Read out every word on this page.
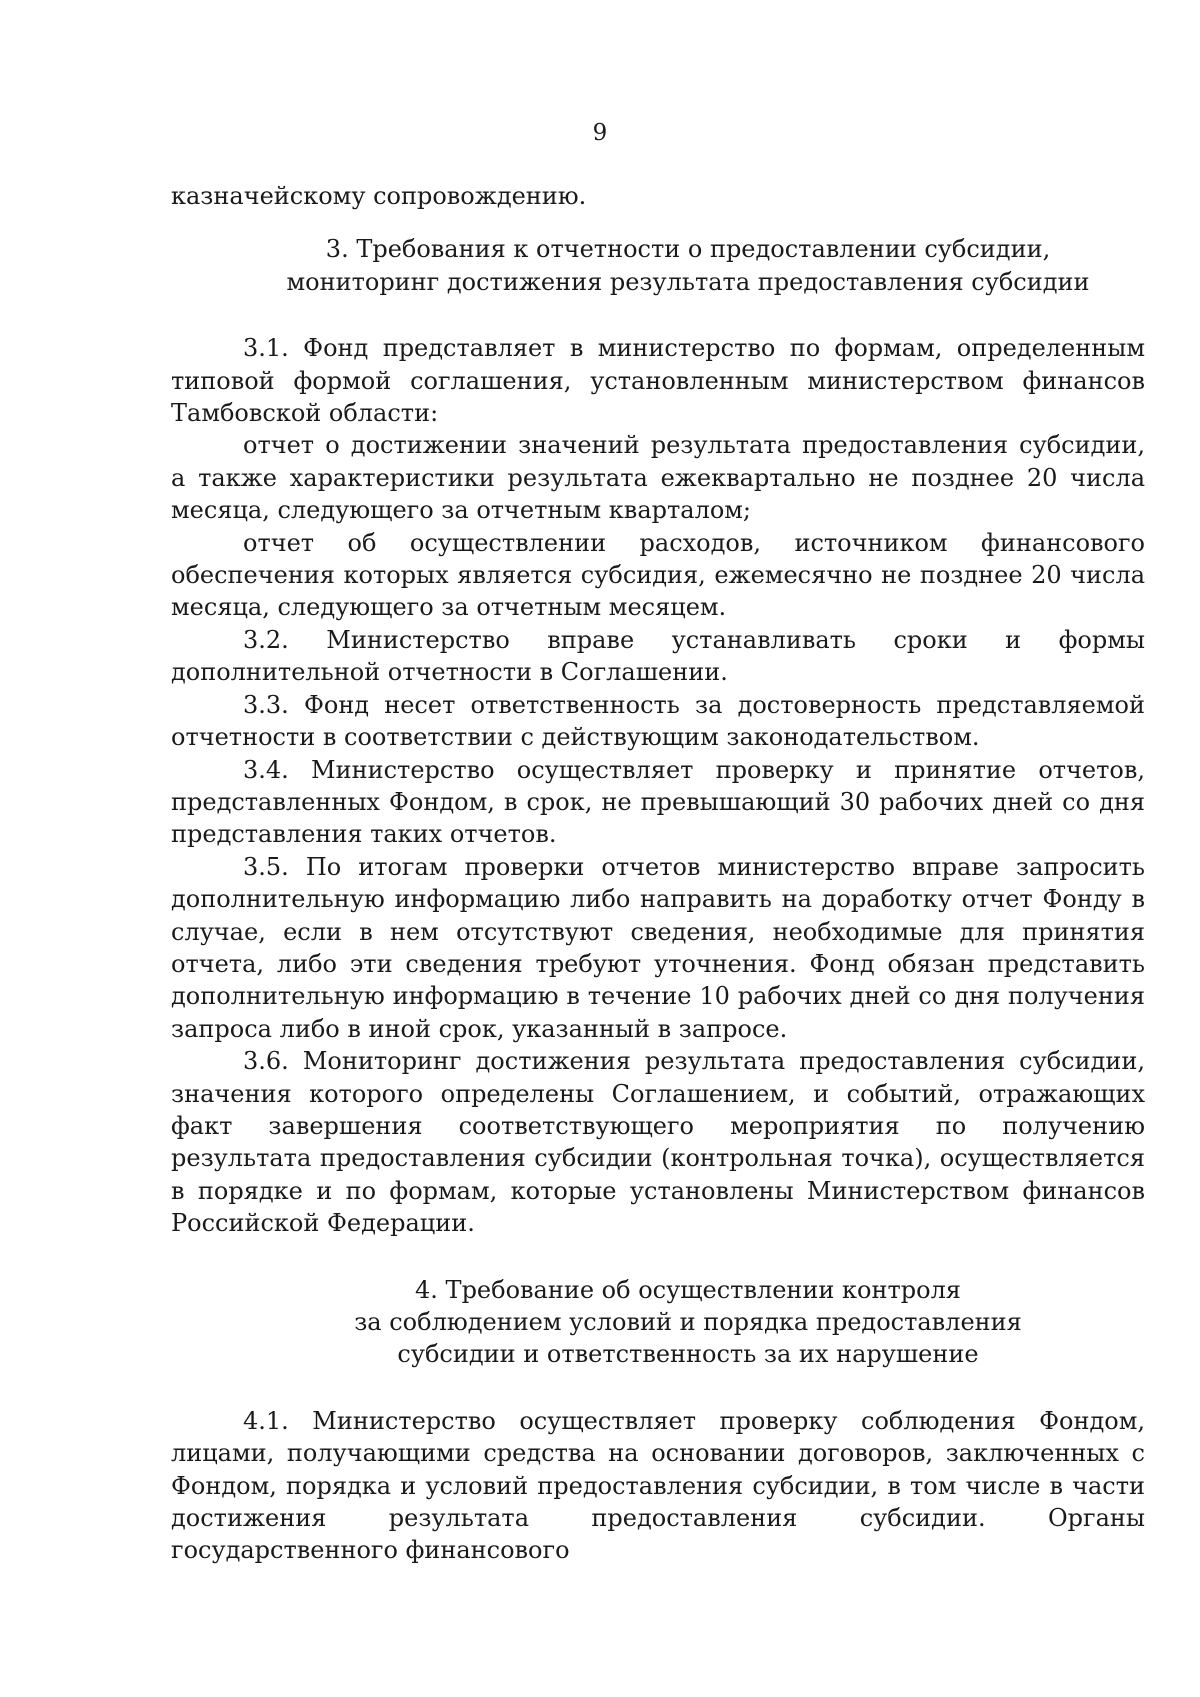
9

казначейскому сопровождению.

3. Требования к отчетности о предоставлении субсидии,

мониторинг достижения результата предоставления субсидии

3.1. Фонд представляет в министерство по формам, определенным типовой формой соглашения, установленным министерством финансов Тамбовской области:

отчет о достижении значений результата предоставления субсидии, а также характеристики результата ежеквартально не позднее 20 числа месяца, следующего за отчетным кварталом;

отчет об осуществлении расходов, источником финансового обеспечения которых является субсидия, ежемесячно не позднее 20 числа месяца, следующего за отчетным месяцем.

3.2. Министерство вправе устанавливать сроки и формы дополнительной отчетности в Соглашении.

3.3. Фонд несет ответственность за достоверность представляемой отчетности в соответствии с действующим законодательством.

3.4. Министерство осуществляет проверку и принятие отчетов, представленных Фондом, в срок, не превышающий 30 рабочих дней со дня представления таких отчетов.

3.5. По итогам проверки отчетов министерство вправе запросить дополнительную информацию либо направить на доработку отчет Фонду в случае, если в нем отсутствуют сведения, необходимые для принятия отчета, либо эти сведения требуют уточнения. Фонд обязан представить дополнительную информацию в течение 10 рабочих дней со дня получения запроса либо в иной срок, указанный в запросе.

3.6. Мониторинг достижения результата предоставления субсидии, значения которого определены Соглашением, и событий, отражающих факт завершения соответствующего мероприятия по получению результата предоставления субсидии (контрольная точка), осуществляется в порядке и по формам, которые установлены Министерством финансов Российской Федерации.

4. Требование об осуществлении контроля

за соблюдением условий и порядка предоставления

субсидии и ответственность за их нарушение

4.1. Министерство осуществляет проверку соблюдения Фондом, лицами, получающими средства на основании договоров, заключенных с Фондом, порядка и условий предоставления субсидии, в том числе в части достижения результата предоставления субсидии. Органы государственного финансового
